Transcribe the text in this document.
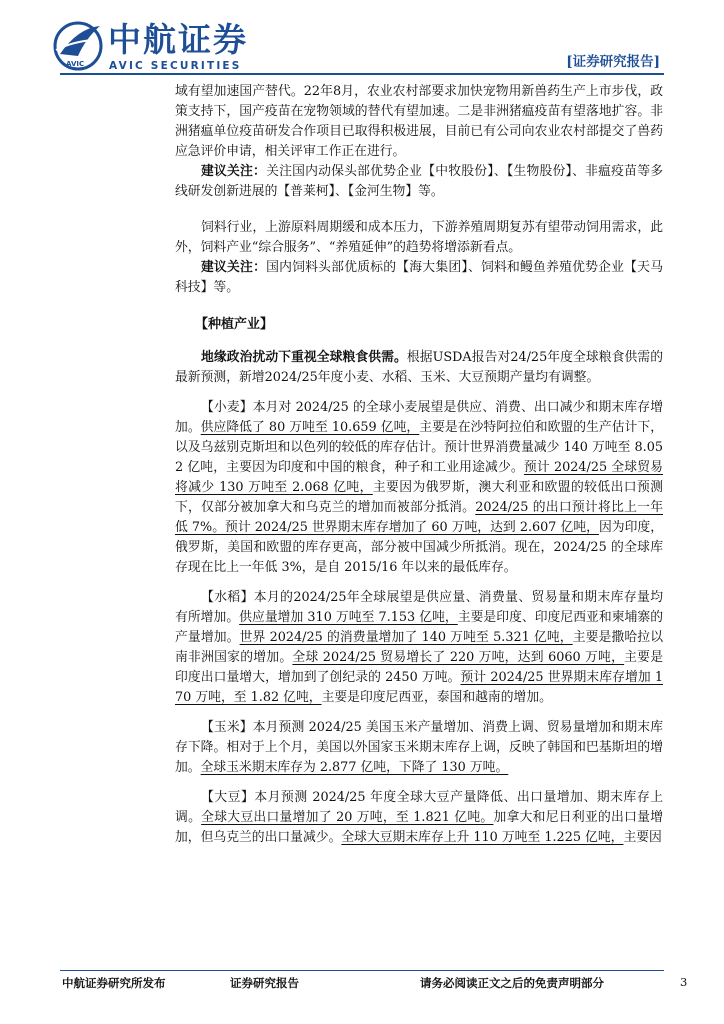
AVIC
中航证券
AVIC SECURITIES	[证券研究报告]

域有望加速国产替代。22年8月，农业农村部要求加快宠物用新兽药生产上市步伐，政策支持下，国产疫苗在宠物领域的替代有望加速。二是非洲猪瘟疫苗有望落地扩容。非洲猪瘟单位疫苗研发合作项目已取得积极进展，目前已有公司向农业农村部提交了兽药应急评价申请，相关评审工作正在进行。

建议关注：关注国内动保头部优势企业【中牧股份】、【生物股份】、非瘟疫苗等多线研发创新进展的【普莱柯】、【金河生物】等。

饲料行业，上游原料周期缓和成本压力，下游养殖周期复苏有望带动饲用需求，此外，饲料产业“综合服务”、“养殖延伸”的趋势将增添新看点。

建议关注：国内饲料头部优质标的【海大集团】、饲料和鳗鱼养殖优势企业【天马科技】等。

【种植产业】

地缘政治扰动下重视全球粮食供需。根据USDA报告对24/25年度全球粮食供需的最新预测，新增2024/25年度小麦、水稻、玉米、大豆预期产量均有调整。

【小麦】本月对 2024/25 的全球小麦展望是供应、消费、出口减少和期末库存增加。供应降低了 80 万吨至 10.659 亿吨，主要是在沙特阿拉伯和欧盟的生产估计下，以及乌兹别克斯坦和以色列的较低的库存估计。预计世界消费量减少 140 万吨至 8.052 亿吨，主要因为印度和中国的粮食，种子和工业用途减少。预计 2024/25 全球贸易将减少 130 万吨至 2.068 亿吨，主要因为俄罗斯，澳大利亚和欧盟的较低出口预测下，仅部分被加拿大和乌克兰的增加而被部分抵消。2024/25 的出口预计将比上一年低 7%。预计 2024/25 世界期末库存增加了 60 万吨，达到 2.607 亿吨，因为印度，俄罗斯，美国和欧盟的库存更高，部分被中国减少所抵消。现在，2024/25 的全球库存现在比上一年低 3%，是自 2015/16 年以来的最低库存。

【水稻】本月的2024/25年全球展望是供应量、消费量、贸易量和期末库存量均有所增加。供应量增加 310 万吨至 7.153 亿吨，主要是印度、印度尼西亚和柬埔寨的产量增加。世界 2024/25 的消费量增加了 140 万吨至 5.321 亿吨，主要是撒哈拉以南非洲国家的增加。全球 2024/25 贸易增长了 220 万吨，达到 6060 万吨，主要是印度出口量增大，增加到了创纪录的 2450 万吨。预计 2024/25 世界期末库存增加 170 万吨，至 1.82 亿吨，主要是印度尼西亚，泰国和越南的增加。

【玉米】本月预测 2024/25 美国玉米产量增加、消费上调、贸易量增加和期末库存下降。相对于上个月，美国以外国家玉米期末库存上调，反映了韩国和巴基斯坦的增加。全球玉米期末库存为 2.877 亿吨，下降了 130 万吨。

【大豆】本月预测 2024/25 年度全球大豆产量降低、出口量增加、期末库存上调。全球大豆出口量增加了 20 万吨，至 1.821 亿吨。加拿大和尼日利亚的出口量增加，但乌克兰的出口量减少。全球大豆期末库存上升 110 万吨至 1.225 亿吨，主要因

中航证券研究所发布	证券研究报告	请务必阅读正文之后的免责声明部分	3
